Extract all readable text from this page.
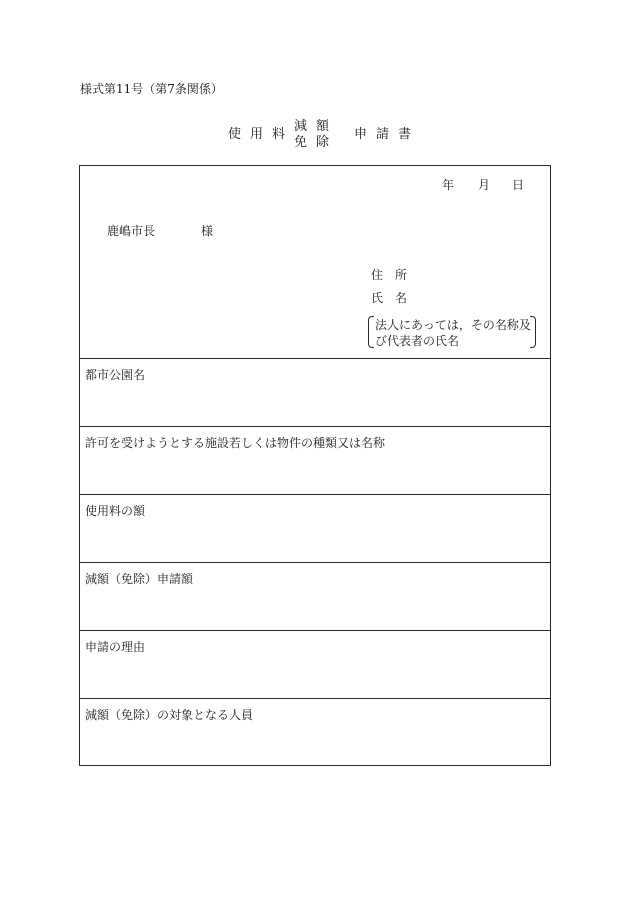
様式第11号（第7条関係）
使 用 料
減 額
免 除
申 請 書
都市公園名
許可を受けようとする施設若しくは物件の種類又は名称
使用料の額
減額（免除）申請額
申請の理由
減額（免除）の対象となる人員
年 月 日
鹿嶋市長	様
住　所
氏　名
法人にあっては，その名称及
び代表者の氏名
